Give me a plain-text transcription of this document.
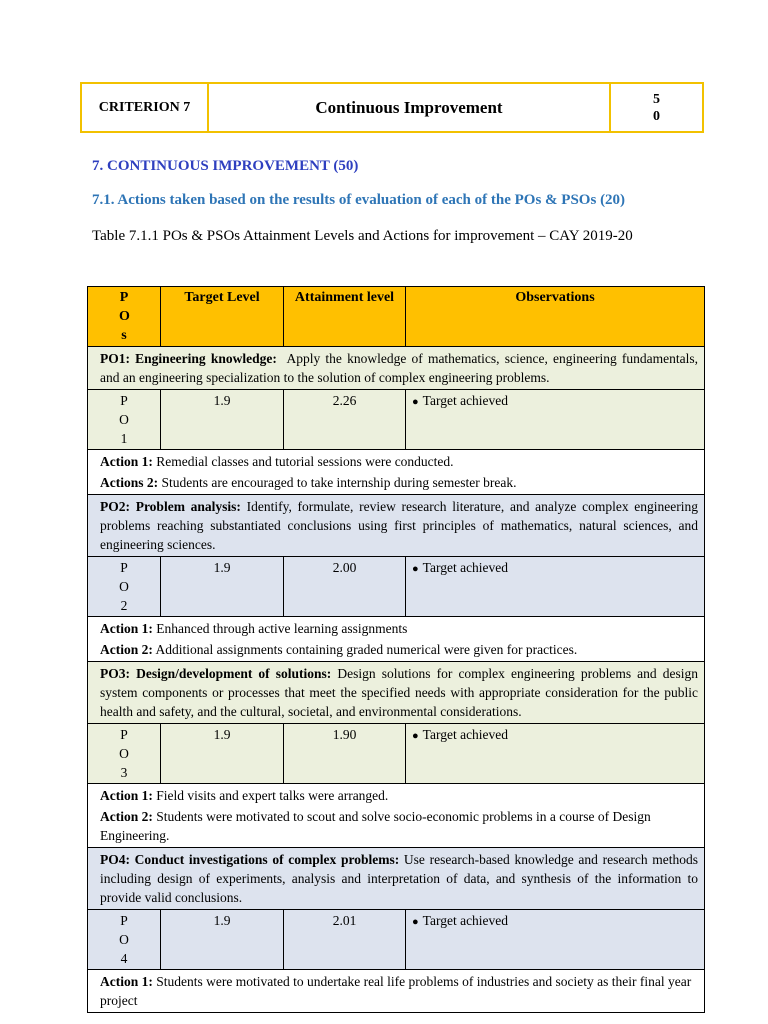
CRITERION 7	Continuous Improvement	50
7. CONTINUOUS IMPROVEMENT (50)
7.1. Actions taken based on the results of evaluation of each of the POs & PSOs (20)
Table 7.1.1 POs & PSOs Attainment Levels and Actions for improvement – CAY 2019-20
POs	Target Level	Attainment level	Observations
PO1: Engineering knowledge: Apply the knowledge of mathematics, science, engineering fundamentals, and an engineering specialization to the solution of complex engineering problems.			

PO1	1.9	2.26	● Target achieved

Action 1: Remedial classes and tutorial sessions were conducted.

Actions 2: Students are encouraged to take internship during semester break.			

PO2: Problem analysis: Identify, formulate, review research literature, and analyze complex engineering problems reaching substantiated conclusions using first principles of mathematics, natural sciences, and engineering sciences.			

PO2	1.9	2.00	● Target achieved

Action 1: Enhanced through active learning assignments

Action 2: Additional assignments containing graded numerical were given for practices.			

PO3: Design/development of solutions: Design solutions for complex engineering problems and design system components or processes that meet the specified needs with appropriate consideration for the public health and safety, and the cultural, societal, and environmental considerations.			

PO3	1.9	1.90	● Target achieved

Action 1: Field visits and expert talks were arranged.

Action 2: Students were motivated to scout and solve socio-economic problems in a course of Design Engineering.			

PO4: Conduct investigations of complex problems: Use research-based knowledge and research methods including design of experiments, analysis and interpretation of data, and synthesis of the information to provide valid conclusions.			

PO4	1.9	2.01	● Target achieved

Action 1: Students were motivated to undertake real life problems of industries and society as their final year project			
